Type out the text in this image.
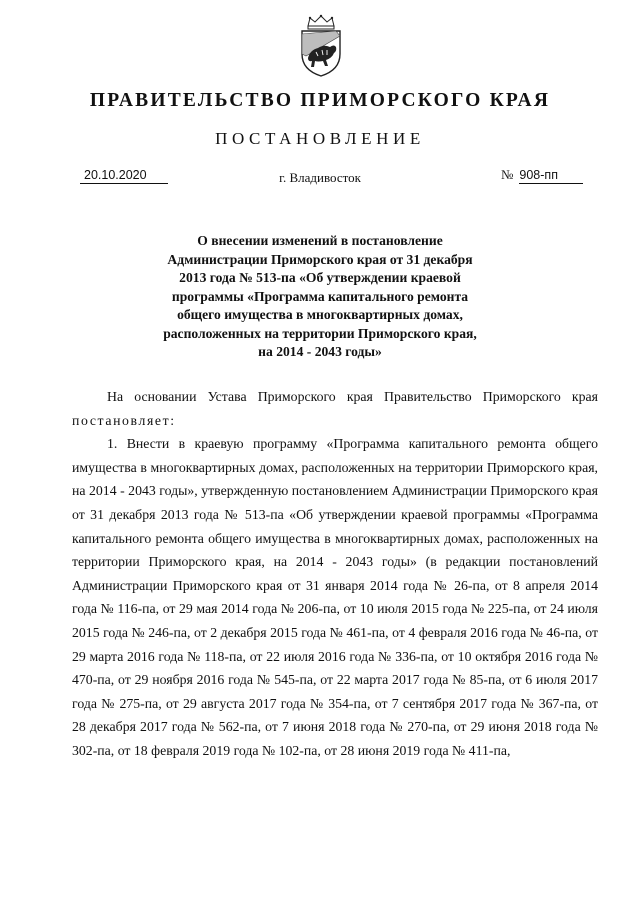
ПРАВИТЕЛЬСТВО ПРИМОРСКОГО КРАЯ
ПОСТАНОВЛЕНИЕ
20.10.2020	г. Владивосток	№ 908-пп
О внесении изменений в постановление
Администрации Приморского края от 31 декабря
2013 года № 513-па «Об утверждении краевой
программы «Программа капитального ремонта
общего имущества в многоквартирных домах,
расположенных на территории Приморского края,
на 2014 - 2043 годы»

На основании Устава Приморского края Правительство Приморского края постановляет:

1. Внести в краевую программу «Программа капитального ремонта общего имущества в многоквартирных домах, расположенных на территории Приморского края, на 2014 - 2043 годы», утвержденную постановлением Администрации Приморского края от 31 декабря 2013 года № 513-па «Об утверждении краевой программы «Программа капитального ремонта общего имущества в многоквартирных домах, расположенных на территории Приморского края, на 2014 - 2043 годы» (в редакции постановлений Администрации Приморского края от 31 января 2014 года № 26-па, от 8 апреля 2014 года № 116-па, от 29 мая 2014 года № 206-па, от 10 июля 2015 года № 225-па, от 24 июля 2015 года № 246-па, от 2 декабря 2015 года № 461-па, от 4 февраля 2016 года № 46-па, от 29 марта 2016 года № 118-па, от 22 июля 2016 года № 336-па, от 10 октября 2016 года № 470-па, от 29 ноября 2016 года № 545-па, от 22 марта 2017 года № 85-па, от 6 июля 2017 года № 275-па, от 29 августа 2017 года № 354-па, от 7 сентября 2017 года № 367-па, от 28 декабря 2017 года № 562-па, от 7 июня 2018 года № 270-па, от 29 июня 2018 года № 302-па, от 18 февраля 2019 года № 102-па, от 28 июня 2019 года № 411-па,
